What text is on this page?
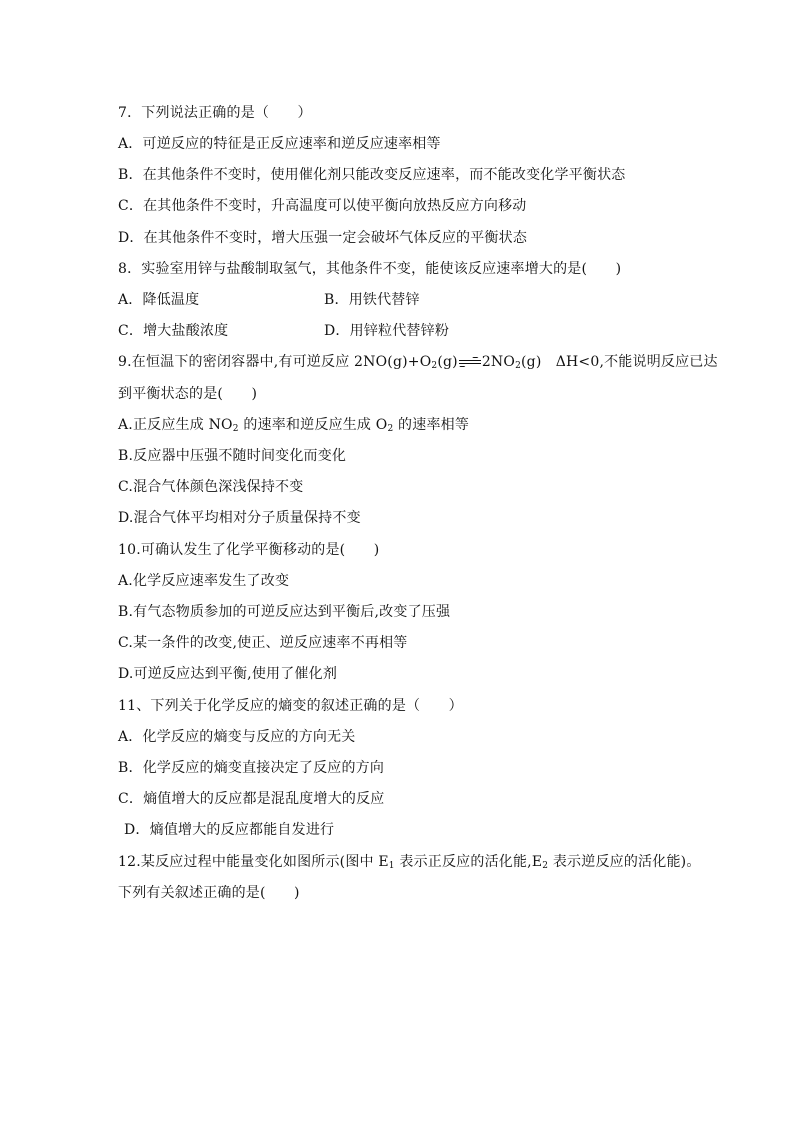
7．下列说法正确的是（　　）
A．可逆反应的特征是正反应速率和逆反应速率相等
B．在其他条件不变时，使用催化剂只能改变反应速率，而不能改变化学平衡状态
C．在其他条件不变时，升高温度可以使平衡向放热反应方向移动
D．在其他条件不变时，增大压强一定会破坏气体反应的平衡状态
8．实验室用锌与盐酸制取氢气，其他条件不变，能使该反应速率增大的是(　　)
A．降低温度	B．用铁代替锌
C．增大盐酸浓度	D．用锌粒代替锌粉
9.在恒温下的密闭容器中,有可逆反应 $2NO(g)+O_2(g)\to 2NO_2(g)$　ΔH<0,不能说明反应已达
到平衡状态的是(　　)
A.正反应生成 $NO_2$ 的速率和逆反应生成 $O_2$ 的速率相等
B.反应器中压强不随时间变化而变化
C.混合气体颜色深浅保持不变
D.混合气体平均相对分子质量保持不变
10.可确认发生了化学平衡移动的是(　　)
A.化学反应速率发生了改变
B.有气态物质参加的可逆反应达到平衡后,改变了压强
C.某一条件的改变,使正、逆反应速率不再相等
D.可逆反应达到平衡,使用了催化剂
11、下列关于化学反应的熵变的叙述正确的是（　　）
A．化学反应的熵变与反应的方向无关
B．化学反应的熵变直接决定了反应的方向
C．熵值增大的反应都是混乱度增大的反应
D．熵值增大的反应都能自发进行
12.某反应过程中能量变化如图所示(图中 $E_1$ 表示正反应的活化能$,E_2$ 表示逆反应的活化能)。
下列有关叙述正确的是(　　)
